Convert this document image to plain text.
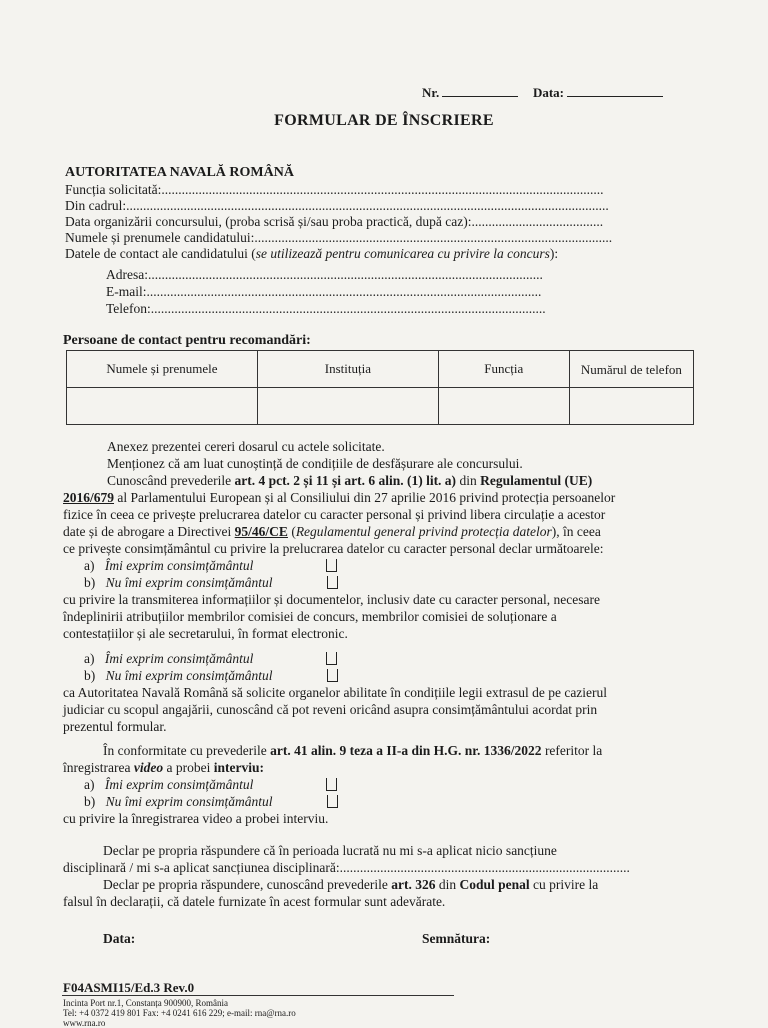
Nr.	Data:
FORMULAR DE ÎNSCRIERE
AUTORITATEA NAVALĂ ROMÂNĂ
Funcția solicitată:...................................................................................................................................
Din cadrul:...............................................................................................................................................
Data organizării concursului, (proba scrisă și/sau proba practică, după caz):.......................................
Numele și prenumele candidatului:..........................................................................................................
Datele de contact ale candidatului (se utilizează pentru comunicarea cu privire la concurs):
Adresa:.....................................................................................................................
E-mail:.....................................................................................................................
Telefon:.....................................................................................................................
Persoane de contact pentru recomandări:
Numele și prenumele	Instituția	Funcția	Numărul de telefon

Anexez prezentei cereri dosarul cu actele solicitate.
Menționez că am luat cunoștință de condițiile de desfășurare ale concursului.
Cunoscând prevederile art. 4 pct. 2 și 11 și art. 6 alin. (1) lit. a) din Regulamentul (UE)
2016/679 al Parlamentului European și al Consiliului din 27 aprilie 2016 privind protecția persoanelor
fizice în ceea ce privește prelucrarea datelor cu caracter personal și privind libera circulație a acestor
date și de abrogare a Directivei 95/46/CE (Regulamentul general privind protecția datelor), în ceea
ce privește consimțământul cu privire la prelucrarea datelor cu caracter personal declar următoarele:
a) Îmi exprim consimțământul
b) Nu îmi exprim consimțământul
cu privire la transmiterea informațiilor și documentelor, inclusiv date cu caracter personal, necesare
îndeplinirii atribuțiilor membrilor comisiei de concurs, membrilor comisiei de soluționare a
contestațiilor și ale secretarului, în format electronic.
a) Îmi exprim consimțământul
b) Nu îmi exprim consimțământul
ca Autoritatea Navală Română să solicite organelor abilitate în condițiile legii extrasul de pe cazierul
judiciar cu scopul angajării, cunoscând că pot reveni oricând asupra consimțământului acordat prin
prezentul formular.
În conformitate cu prevederile art. 41 alin. 9 teza a II-a din H.G. nr. 1336/2022 referitor la
înregistrarea video a probei interviu:
a) Îmi exprim consimțământul
b) Nu îmi exprim consimțământul
cu privire la înregistrarea video a probei interviu.
Declar pe propria răspundere că în perioada lucrată nu mi s-a aplicat nicio sancțiune
disciplinară / mi s-a aplicat sancțiunea disciplinară:......................................................................................
Declar pe propria răspundere, cunoscând prevederile art. 326 din Codul penal cu privire la
falsul în declarații, că datele furnizate în acest formular sunt adevărate.
Data:	Semnătura:
F04ASMI15/Ed.3 Rev.0
Incinta Port nr.1, Constanța 900900, România
Tel: +4 0372 419 801 Fax: +4 0241 616 229; e-mail: rna@rna.ro
www.rna.ro
